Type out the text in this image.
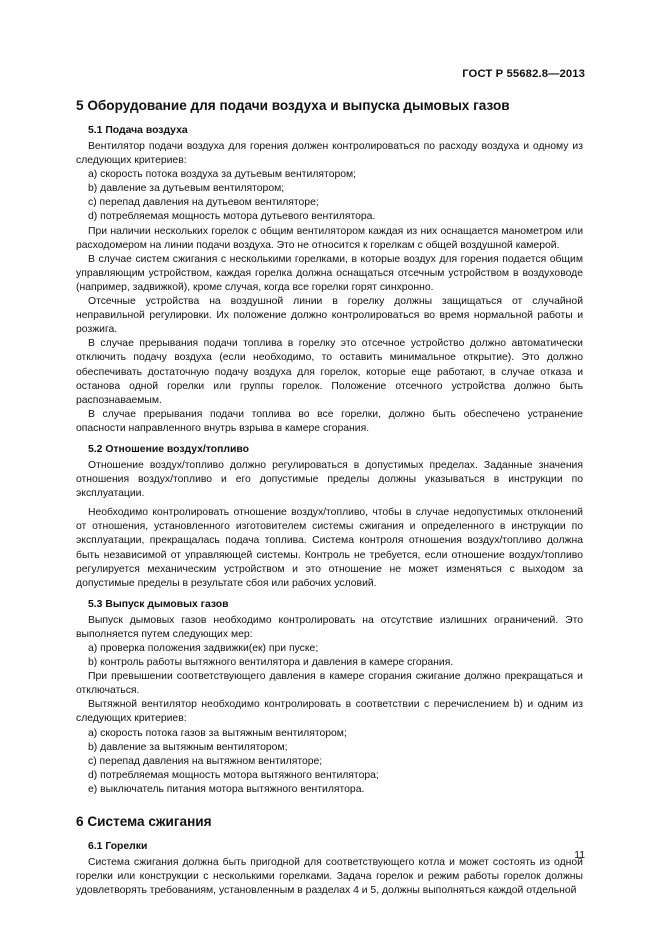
ГОСТ Р 55682.8—2013
5 Оборудование для подачи воздуха и выпуска дымовых газов
5.1 Подача воздуха

Вентилятор подачи воздуха для горения должен контролироваться по расходу воздуха и одному из следующих критериев:

a) скорость потока воздуха за дутьевым вентилятором;
b) давление за дутьевым вентилятором;
c) перепад давления на дутьевом вентиляторе;
d) потребляемая мощность мотора дутьевого вентилятора.

При наличии нескольких горелок с общим вентилятором каждая из них оснащается манометром или расходомером на линии подачи воздуха. Это не относится к горелкам с общей воздушной камерой.

В случае систем сжигания с несколькими горелками, в которые воздух для горения подается общим управляющим устройством, каждая горелка должна оснащаться отсечным устройством в воздуховоде (например, задвижкой), кроме случая, когда все горелки горят синхронно.

Отсечные устройства на воздушной линии в горелку должны защищаться от случайной неправильной регулировки. Их положение должно контролироваться во время нормальной работы и розжига.

В случае прерывания подачи топлива в горелку это отсечное устройство должно автоматически отключить подачу воздуха (если необходимо, то оставить минимальное открытие). Это должно обеспечивать достаточную подачу воздуха для горелок, которые еще работают, в случае отказа и останова одной горелки или группы горелок. Положение отсечного устройства должно быть распознаваемым.

В случае прерывания подачи топлива во все горелки, должно быть обеспечено устранение опасности направленного внутрь взрыва в камере сгорания.

5.2 Отношение воздух/топливо

Отношение воздух/топливо должно регулироваться в допустимых пределах. Заданные значения отношения воздух/топливо и его допустимые пределы должны указываться в инструкции по эксплуатации.

Необходимо контролировать отношение воздух/топливо, чтобы в случае недопустимых отклонений от отношения, установленного изготовителем системы сжигания и определенного в инструкции по эксплуатации, прекращалась подача топлива. Система контроля отношения воздух/топливо должна быть независимой от управляющей системы. Контроль не требуется, если отношение воздух/топливо регулируется механическим устройством и это отношение не может изменяться с выходом за допустимые пределы в результате сбоя или рабочих условий.

5.3 Выпуск дымовых газов

Выпуск дымовых газов необходимо контролировать на отсутствие излишних ограничений. Это выполняется путем следующих мер:

a) проверка положения задвижки(ек) при пуске;
b) контроль работы вытяжного вентилятора и давления в камере сгорания.

При превышении соответствующего давления в камере сгорания сжигание должно прекращаться и отключаться.

Вытяжной вентилятор необходимо контролировать в соответствии с перечислением b) и одним из следующих критериев:

a) скорость потока газов за вытяжным вентилятором;
b) давление за вытяжным вентилятором;
c) перепад давления на вытяжном вентиляторе;
d) потребляемая мощность мотора вытяжного вентилятора;
e) выключатель питания мотора вытяжного вентилятора.
6 Система сжигания
6.1 Горелки

Система сжигания должна быть пригодной для соответствующего котла и может состоять из одной горелки или конструкции с несколькими горелками. Задача горелок и режим работы горелок должны удовлетворять требованиям, установленным в разделах 4 и 5, должны выполняться каждой отдельной

11
